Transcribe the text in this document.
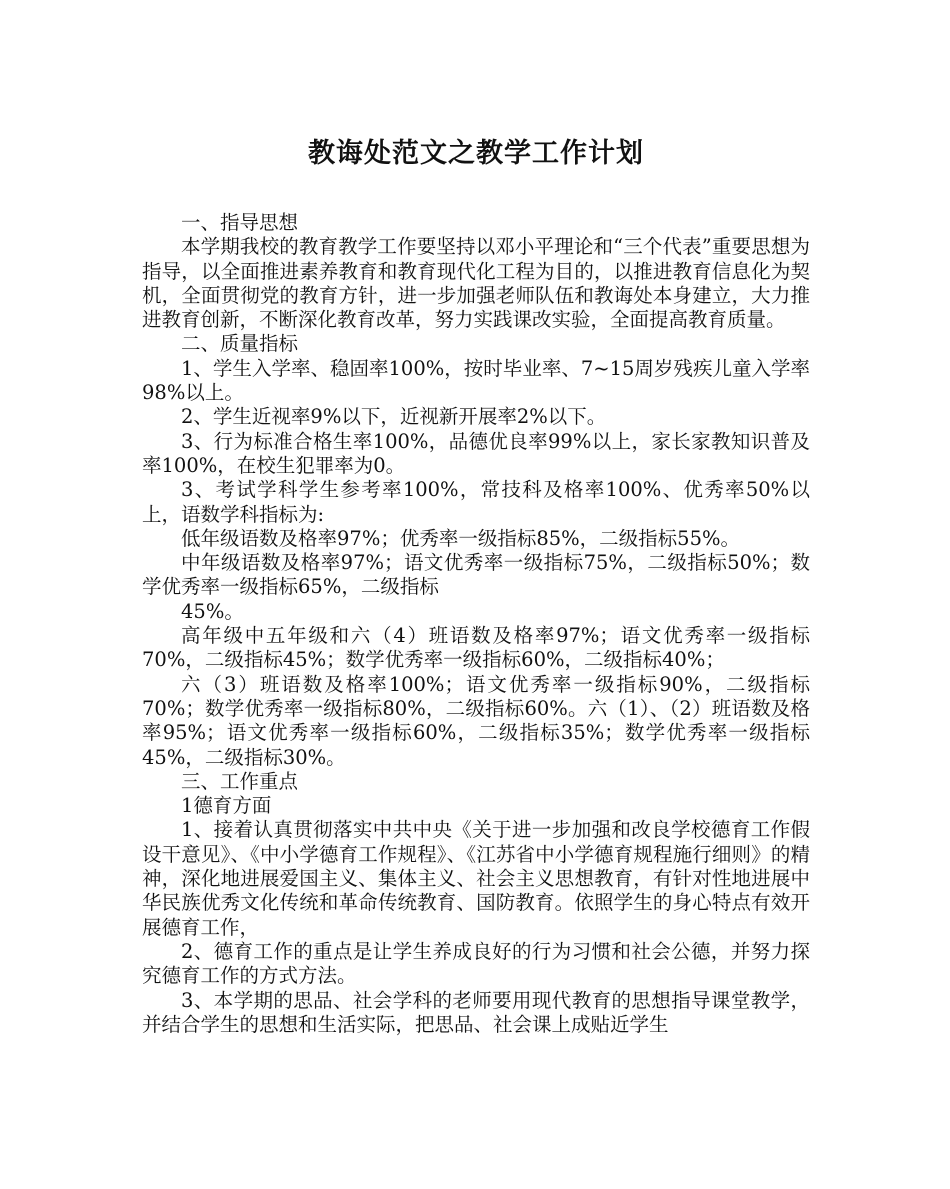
教诲处范文之教学工作计划

一、指导思想

本学期我校的教育教学工作要坚持以邓小平理论和“三个代表”重要思想为指导，以全面推进素养教育和教育现代化工程为目的，以推进教育信息化为契机，全面贯彻党的教育方针，进一步加强老师队伍和教诲处本身建立，大力推进教育创新，不断深化教育改革，努力实践课改实验，全面提高教育质量。

二、质量指标

1、学生入学率、稳固率100%，按时毕业率、7~15周岁残疾儿童入学率98%以上。

2、学生近视率9%以下，近视新开展率2%以下。

3、行为标准合格生率100%，品德优良率99%以上，家长家教知识普及率100%，在校生犯罪率为0。

3、考试学科学生参考率100%，常技科及格率100%、优秀率50%以上，语数学科指标为:

低年级语数及格率97%；优秀率一级指标85%，二级指标55%。

中年级语数及格率97%；语文优秀率一级指标75%，二级指标50%；数学优秀率一级指标65%，二级指标

45%。

高年级中五年级和六（4）班语数及格率97%；语文优秀率一级指标70%，二级指标45%；数学优秀率一级指标60%，二级指标40%；

六（3）班语数及格率100%；语文优秀率一级指标90%，二级指标70%；数学优秀率一级指标80%，二级指标60%。六（1）、（2）班语数及格率95%；语文优秀率一级指标60%，二级指标35%；数学优秀率一级指标45%，二级指标30%。

三、工作重点

1德育方面

1、接着认真贯彻落实中共中央《关于进一步加强和改良学校德育工作假设干意见》、《中小学德育工作规程》、《江苏省中小学德育规程施行细则》的精神，深化地进展爱国主义、集体主义、社会主义思想教育，有针对性地进展中华民族优秀文化传统和革命传统教育、国防教育。依照学生的身心特点有效开展德育工作，

2、德育工作的重点是让学生养成良好的行为习惯和社会公德，并努力探究德育工作的方式方法。

3、本学期的思品、社会学科的老师要用现代教育的思想指导课堂教学，并结合学生的思想和生活实际，把思品、社会课上成贴近学生
